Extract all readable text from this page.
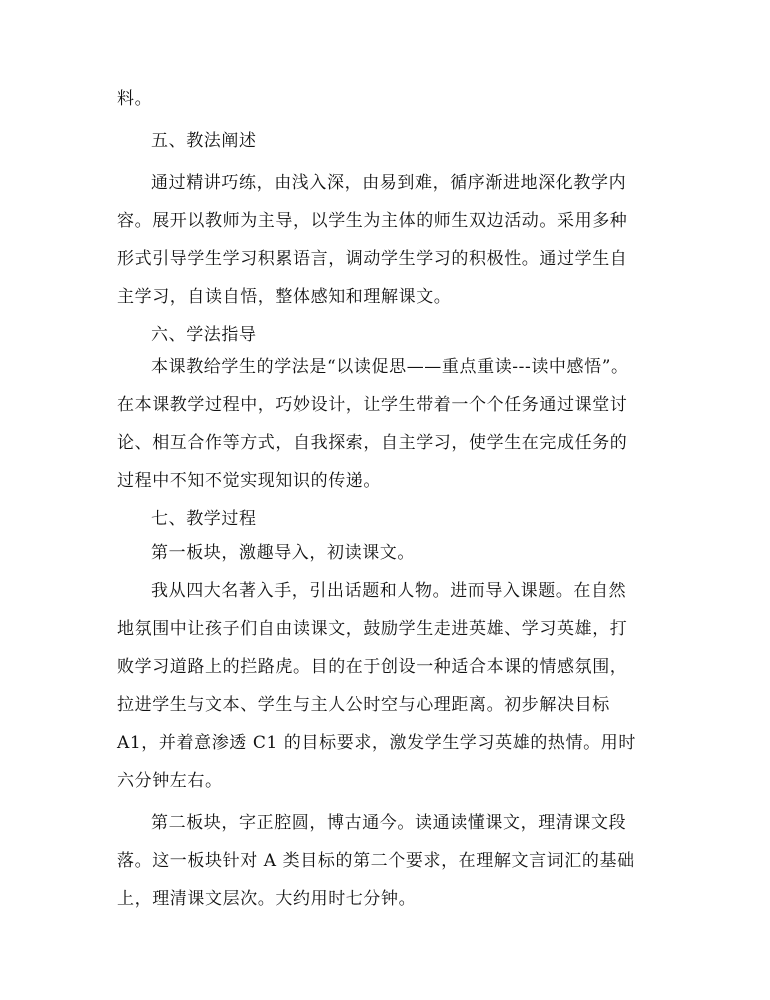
料。
五、教法阐述
通过精讲巧练，由浅入深，由易到难，循序渐进地深化教学内
容。展开以教师为主导，以学生为主体的师生双边活动。采用多种
形式引导学生学习积累语言，调动学生学习的积极性。通过学生自
主学习，自读自悟，整体感知和理解课文。
六、学法指导
本课教给学生的学法是“以读促思——重点重读---读中感悟”。
在本课教学过程中，巧妙设计，让学生带着一个个任务通过课堂讨
论、相互合作等方式，自我探索，自主学习，使学生在完成任务的
过程中不知不觉实现知识的传递。
七、教学过程
第一板块，激趣导入，初读课文。
我从四大名著入手，引出话题和人物。进而导入课题。在自然
地氛围中让孩子们自由读课文，鼓励学生走进英雄、学习英雄，打
败学习道路上的拦路虎。目的在于创设一种适合本课的情感氛围，
拉进学生与文本、学生与主人公时空与心理距离。初步解决目标
A1，并着意渗透 C1 的目标要求，激发学生学习英雄的热情。用时
六分钟左右。
第二板块，字正腔圆，博古通今。读通读懂课文，理清课文段
落。这一板块针对 A 类目标的第二个要求，在理解文言词汇的基础
上，理清课文层次。大约用时七分钟。
